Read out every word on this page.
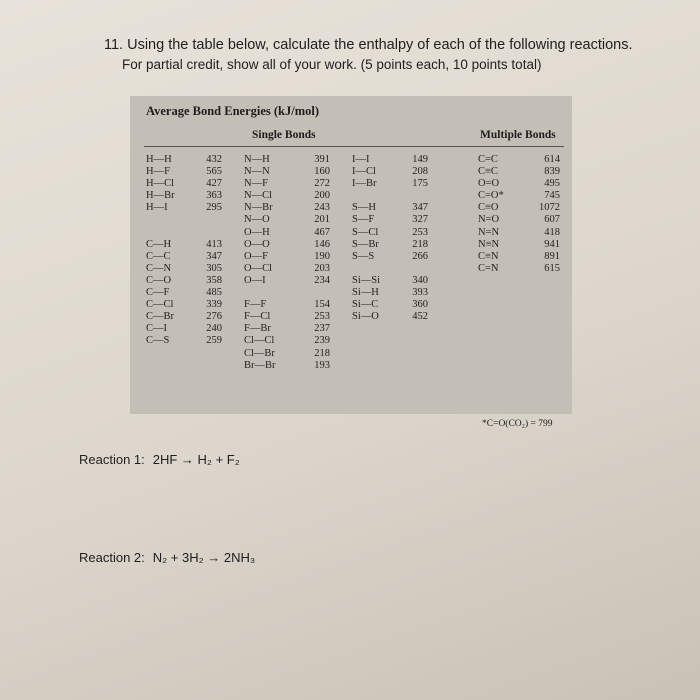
11. Using the table below, calculate the enthalpy of each of the following reactions.
For partial credit, show all of your work. (5 points each, 10 points total)
Average Bond Energies (kJ/mol)
Single Bonds	Multiple Bonds
H—H
H—F
H—Cl
H—Br
H—I
C—H
C—C
C—N
C—O
C—F
C—Cl
C—Br
C—I
C—S
432
565
427
363
295
413
347
305
358
485
339
276
240
259
N—H
N—N
N—F
N—Cl
N—Br
N—O
O—H
O—O
O—F
O—Cl
O—I
F—F
F—Cl
F—Br
Cl—Cl
Cl—Br
Br—Br
391
160
272
200
243
201
467
146
190
203
234
154
253
237
239
218
193
I—I
I—Cl
I—Br
S—H
S—F
S—Cl
S—Br
S—S
Si—Si
Si—H
Si—C
Si—O
149
208
175
347
327
253
218
266
340
393
360
452
C=C
C≡C
O=O
C=O*
C≡O
N=O
N=N
N≡N
C≡N
C=N
614
839
495
745
1072
607
418
941
891
615
*C=O(CO₂) = 799
Reaction 1: 2HF → H₂ + F₂
Reaction 2: N₂ + 3H₂ → 2NH₃
